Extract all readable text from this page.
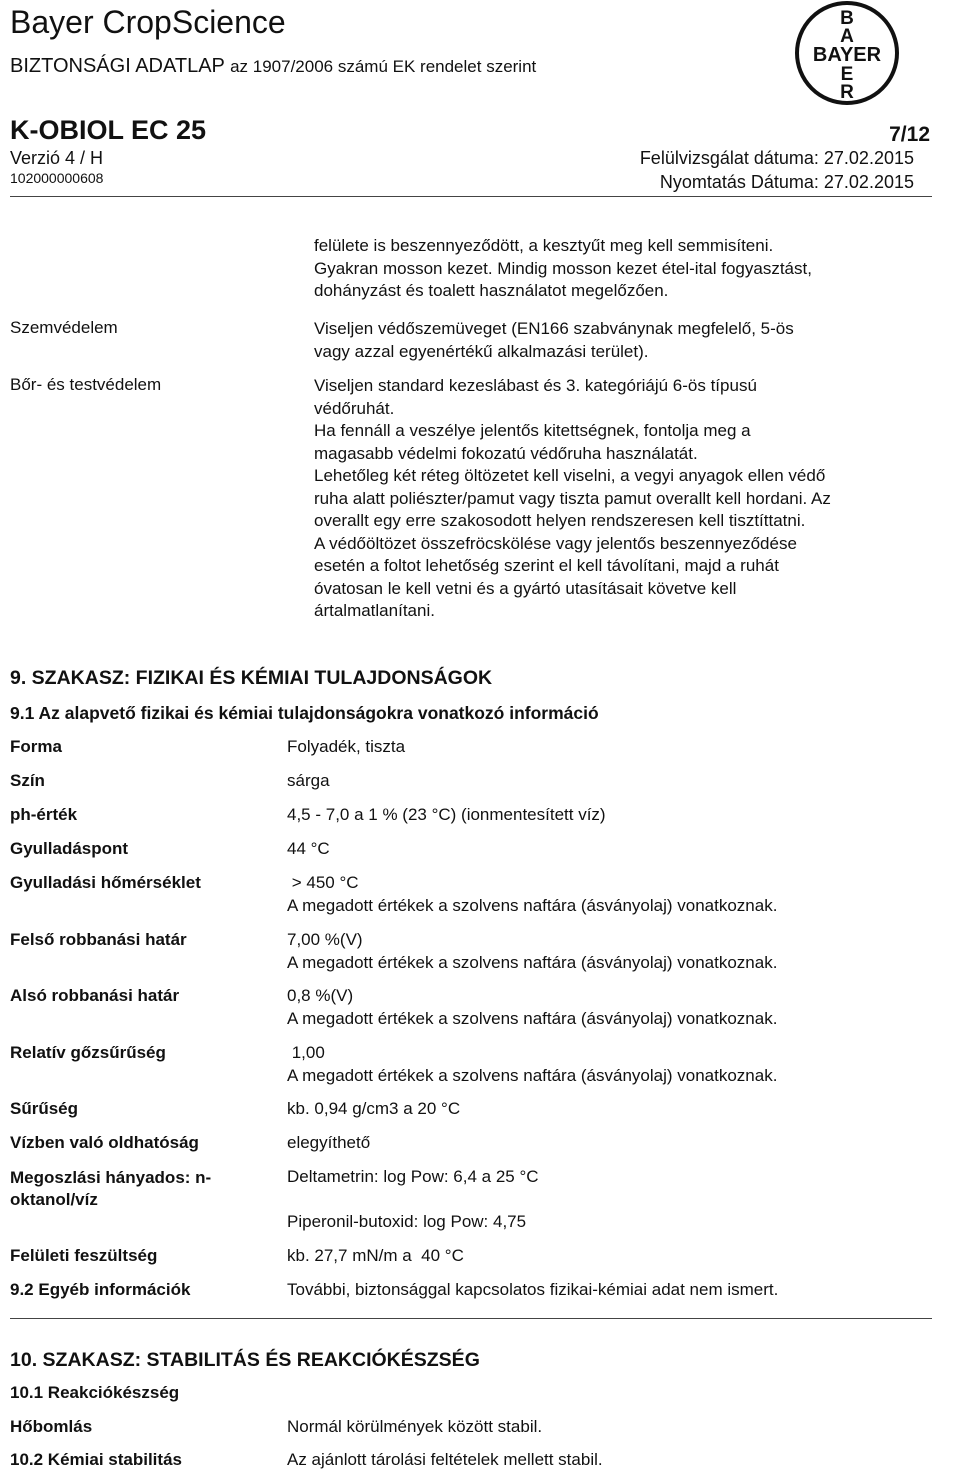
Bayer CropScience
BIZTONSÁGI ADATLAP az 1907/2006 számú EK rendelet szerint
B
A
BAYER
E
R
K-OBIOL EC 25	7/12
Verzió 4 / H
102000000608
Felülvizsgálat dátuma: 27.02.2015
Nyomtatás Dátuma: 27.02.2015
felülete is beszennyeződött, a kesztyűt meg kell semmisíteni.
Gyakran mosson kezet. Mindig mosson kezet étel-ital fogyasztást,
dohányzást és toalett használatot megelőzően.
Szemvédelem	Viseljen védőszemüveget (EN166 szabványnak megfelelő, 5-ös
vagy azzal egyenértékű alkalmazási terület).
Bőr- és testvédelem	Viseljen standard kezeslábast és 3. kategóriájú 6-ös típusú
védőruhát.
Ha fennáll a veszélye jelentős kitettségnek, fontolja meg a
magasabb védelmi fokozatú védőruha használatát.
Lehetőleg két réteg öltözetet kell viselni, a vegyi anyagok ellen védő
ruha alatt poliészter/pamut vagy tiszta pamut overallt kell hordani. Az
overallt egy erre szakosodott helyen rendszeresen kell tisztíttatni.
A védőöltözet összefröcskölése vagy jelentős beszennyeződése
esetén a foltot lehetőség szerint el kell távolítani, majd a ruhát
óvatosan le kell vetni és a gyártó utasításait követve kell
ártalmatlanítani.
9. SZAKASZ: FIZIKAI ÉS KÉMIAI TULAJDONSÁGOK
9.1 Az alapvető fizikai és kémiai tulajdonságokra vonatkozó információ
Forma	Folyadék, tiszta
Szín	sárga
ph-érték	4,5 - 7,0 a 1 % (23 °C) (ionmentesített víz)
Gyulladáspont	44 °C
Gyulladási hőmérséklet	> 450 °C
A megadott értékek a szolvens naftára (ásványolaj) vonatkoznak.
Felső robbanási határ	7,00 %(V)
A megadott értékek a szolvens naftára (ásványolaj) vonatkoznak.
Alsó robbanási határ	0,8 %(V)
A megadott értékek a szolvens naftára (ásványolaj) vonatkoznak.
Relatív gőzsűrűség	1,00
A megadott értékek a szolvens naftára (ásványolaj) vonatkoznak.
Sűrűség	kb. 0,94 g/cm3 a 20 °C
Vízben való oldhatóság	elegyíthető
Megoszlási hányados: n-
oktanol/víz
Deltametrin: log Pow: 6,4 a 25 °C
Piperonil-butoxid: log Pow: 4,75
Felületi feszültség	kb. 27,7 mN/m a  40 °C
9.2 Egyéb információk	További, biztonsággal kapcsolatos fizikai-kémiai adat nem ismert.
10. SZAKASZ: STABILITÁS ÉS REAKCIÓKÉSZSÉG
10.1 Reakciókészség
Hőbomlás	Normál körülmények között stabil.
10.2 Kémiai stabilitás	Az ajánlott tárolási feltételek mellett stabil.
